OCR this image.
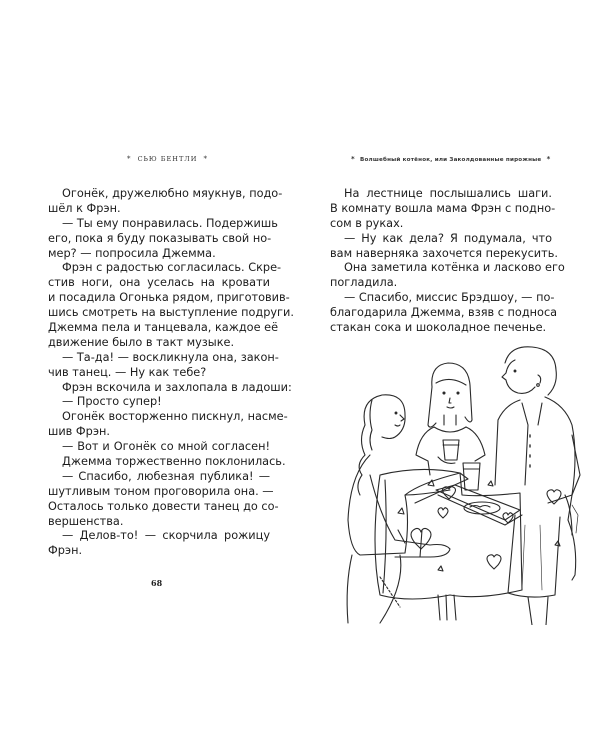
* СЬЮ БЕНТЛИ *
Огонёк, дружелюбно мяукнув, подо-
шёл к Фрэн.
— Ты ему понравилась. Подержишь
его, пока я буду показывать свой но-
мер? — попросила Джемма.
Фрэн с радостью согласилась. Скре-
стив ноги, она уселась на кровати
и посадила Огонька рядом, приготовив-
шись смотреть на выступление подруги.
Джемма пела и танцевала, каждое её
движение было в такт музыке.
— Та-да! — воскликнула она, закон-
чив танец. — Ну как тебе?
Фрэн вскочила и захлопала в ладоши:
— Просто супер!
Огонёк восторженно пискнул, насме-
шив Фрэн.
— Вот и Огонёк со мной согласен!
Джемма торжественно поклонилась.
— Спасибо, любезная публика! —
шутливым тоном проговорила она. —
Осталось только довести танец до со-
вершенства.
— Делов-то! — скорчила рожицу
Фрэн.
68
* Волшебный котёнок, или Заколдованные пирожные *
На лестнице послышались шаги.
В комнату вошла мама Фрэн с подно-
сом в руках.
— Ну как дела? Я подумала, что
вам наверняка захочется перекусить.
Она заметила котёнка и ласково его
погладила.
— Спасибо, миссис Брэдшоу, — по-
благодарила Джемма, взяв с подноса
стакан сока и шоколадное печенье.
